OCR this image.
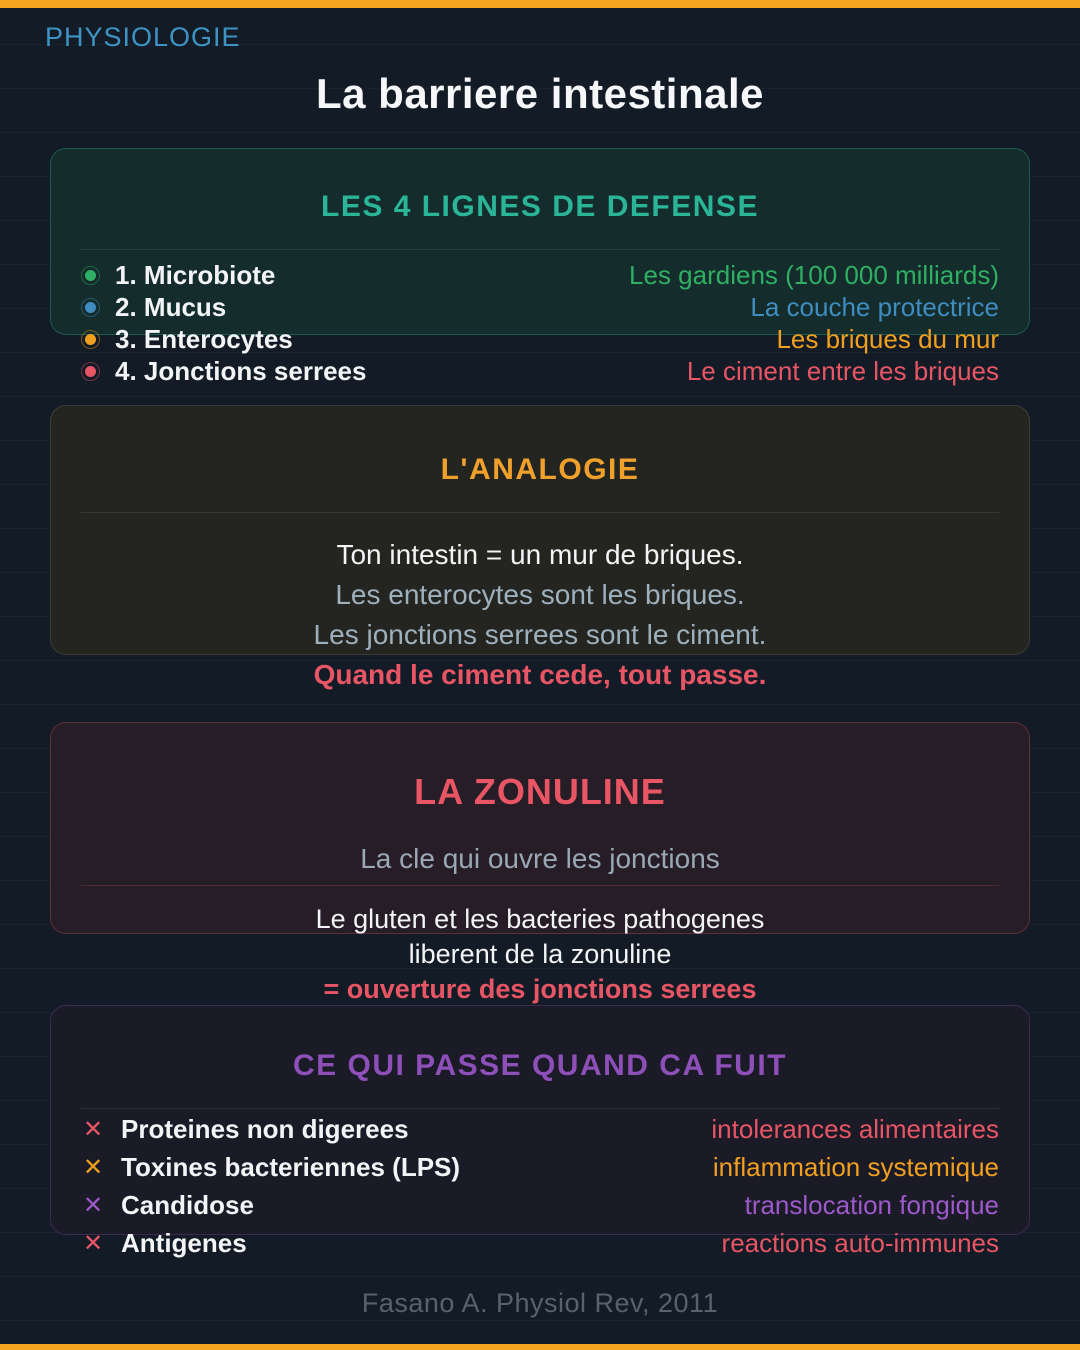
PHYSIOLOGIE
La barriere intestinale
LES 4 LIGNES DE DEFENSE
1. Microbiote	Les gardiens (100 000 milliards)
2. Mucus	La couche protectrice
3. Enterocytes	Les briques du mur
4. Jonctions serrees	Le ciment entre les briques
L'ANALOGIE
Ton intestin = un mur de briques.
Les enterocytes sont les briques.
Les jonctions serrees sont le ciment.
Quand le ciment cede, tout passe.
LA ZONULINE
La cle qui ouvre les jonctions
Le gluten et les bacteries pathogenes
liberent de la zonuline
= ouverture des jonctions serrees
CE QUI PASSE QUAND CA FUIT
✕ Proteines non digerees	intolerances alimentaires
✕ Toxines bacteriennes (LPS)	inflammation systemique
✕ Candidose	translocation fongique
✕ Antigenes	reactions auto-immunes
Fasano A. Physiol Rev, 2011
